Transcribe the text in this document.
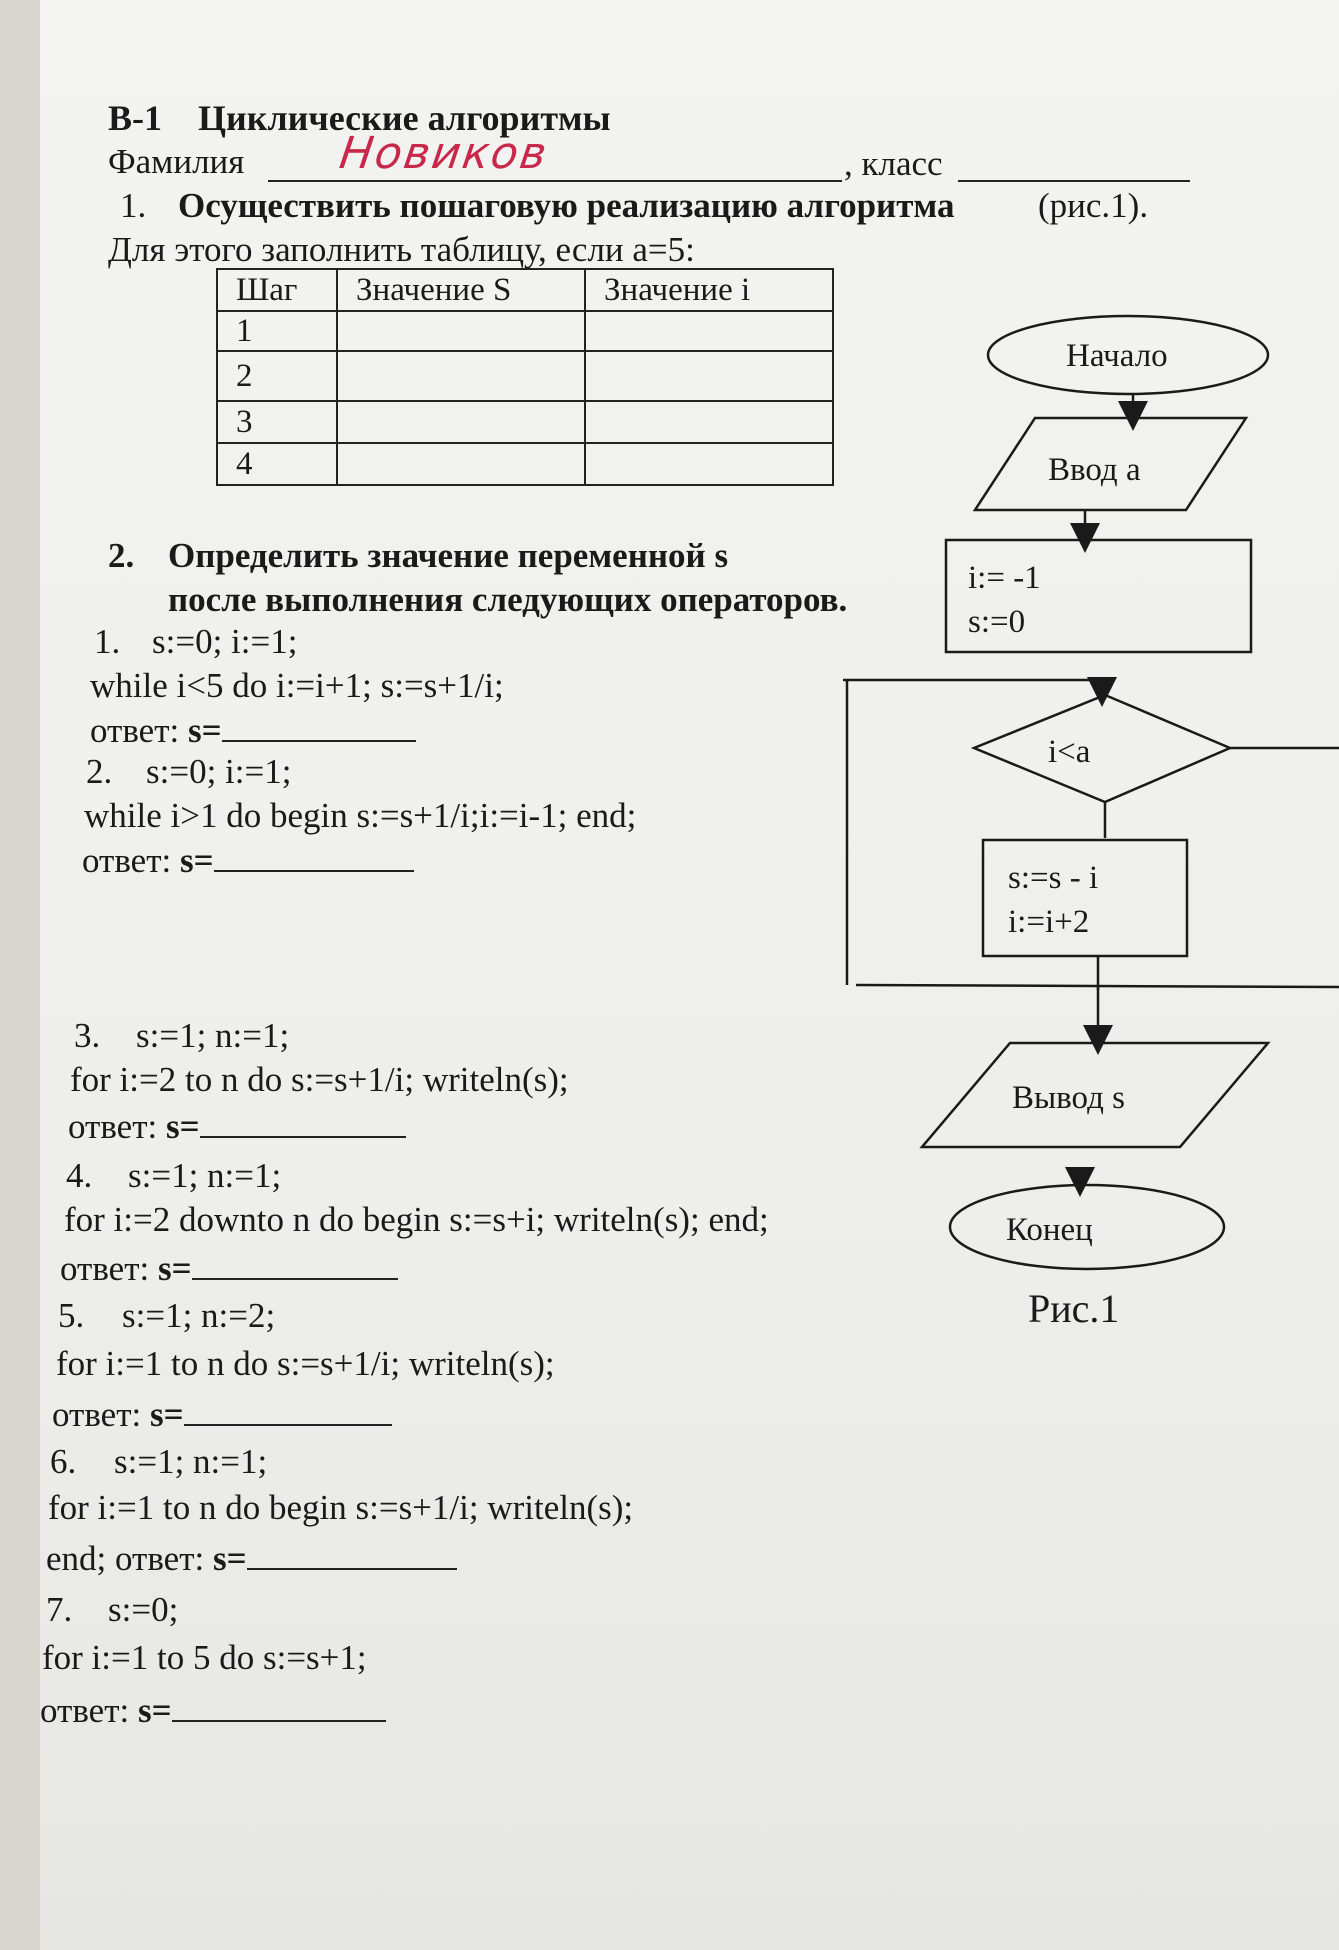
В-1 Циклические алгоритмы
Фамилия Новиков	, класс
1. Осуществить пошаговую реализацию алгоритма (рис.1).
Для этого заполнить таблицу, если а=5:
Шаг	Значение S	Значение i
1		
2		
3		
4		
2. Определить значение переменной s
после выполнения следующих операторов.
1. s:=0; i:=1;
while i<5 do i:=i+1; s:=s+1/i;
ответ: s=
2. s:=0; i:=1;
while i>1 do begin s:=s+1/i;i:=i-1; end;
ответ: s=
3. s:=1; n:=1;
for i:=2 to n do s:=s+1/i; writeln(s);
ответ: s=
4. s:=1; n:=1;
for i:=2 downto n do begin s:=s+i; writeln(s); end;
ответ: s=
5. s:=1; n:=2;
for i:=1 to n do s:=s+1/i; writeln(s);
ответ: s=
6. s:=1; n:=1;
for i:=1 to n do begin s:=s+1/i; writeln(s);
end; ответ: s=
7. s:=0;
for i:=1 to 5 do s:=s+1;
ответ: s=
Начало
Ввод а
i:= -1
s:=0
i<a
s:=s - i
i:=i+2
Вывод s
Конец
Рис.1
